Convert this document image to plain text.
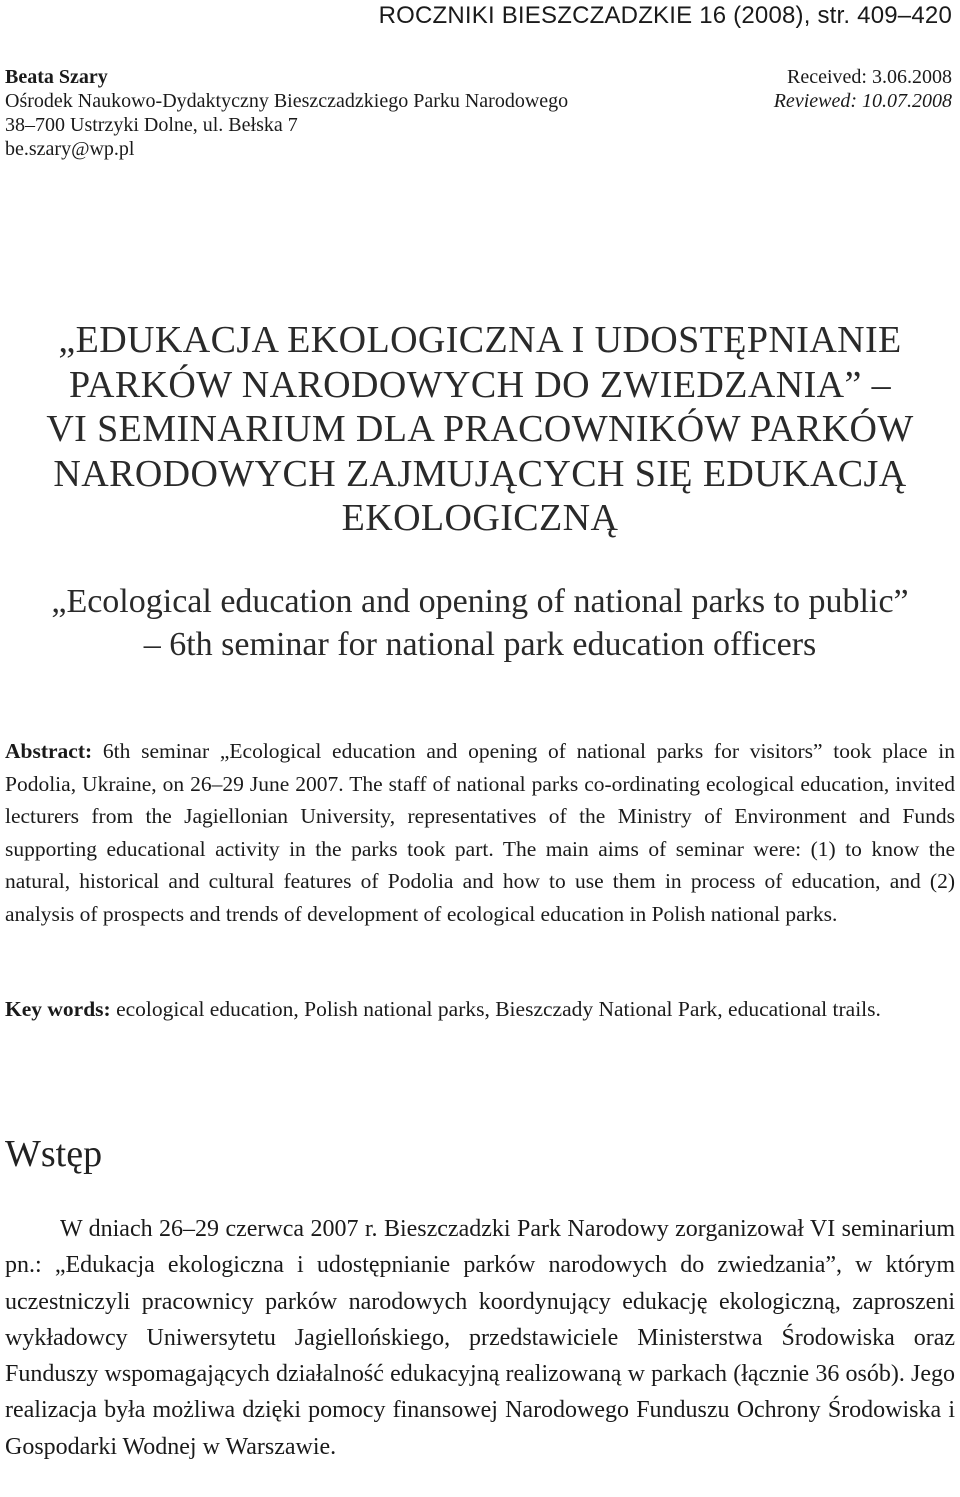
ROCZNIKI BIESZCZADZKIE 16 (2008), str. 409–420
Beata Szary
Ośrodek Naukowo-Dydaktyczny Bieszczadzkiego Parku Narodowego
38–700 Ustrzyki Dolne, ul. Bełska 7
be.szary@wp.pl
Received: 3.06.2008
Reviewed: 10.07.2008
„EDUKACJA EKOLOGICZNA I UDOSTĘPNIANIE
PARKÓW NARODOWYCH DO ZWIEDZANIA” –
VI SEMINARIUM DLA PRACOWNIKÓW PARKÓW
NARODOWYCH ZAJMUJĄCYCH SIĘ EDUKACJĄ
EKOLOGICZNĄ
„Ecological education and opening of national parks to public”
– 6th seminar for national park education officers
Abstract: 6th seminar „Ecological education and opening of national parks for visitors” took place in Podolia, Ukraine, on 26–29 June 2007. The staff of national parks co-ordinating ecological education, invited lecturers from the Jagiellonian University, representatives of the Ministry of Environment and Funds supporting educational activity in the parks took part. The main aims of seminar were: (1) to know the natural, historical and cultural features of Podolia and how to use them in process of education, and (2) analysis of prospects and trends of development of ecological education in Polish national parks.
Key words: ecological education, Polish national parks, Bieszczady National Park, educational trails.
Wstęp
W dniach 26–29 czerwca 2007 r. Bieszczadzki Park Narodowy zorganizował VI seminarium pn.: „Edukacja ekologiczna i udostępnianie parków narodowych do zwiedzania”, w którym uczestniczyli pracownicy parków narodowych koordynujący edukację ekologiczną, zaproszeni wykładowcy Uniwersytetu Jagiellońskiego, przedstawiciele Ministerstwa Środowiska oraz Funduszy wspomagających działalność edukacyjną realizowaną w parkach (łącznie 36 osób). Jego realizacja była możliwa dzięki pomocy finansowej Narodowego Funduszu Ochrony Środowiska i Gospodarki Wodnej w Warszawie.
